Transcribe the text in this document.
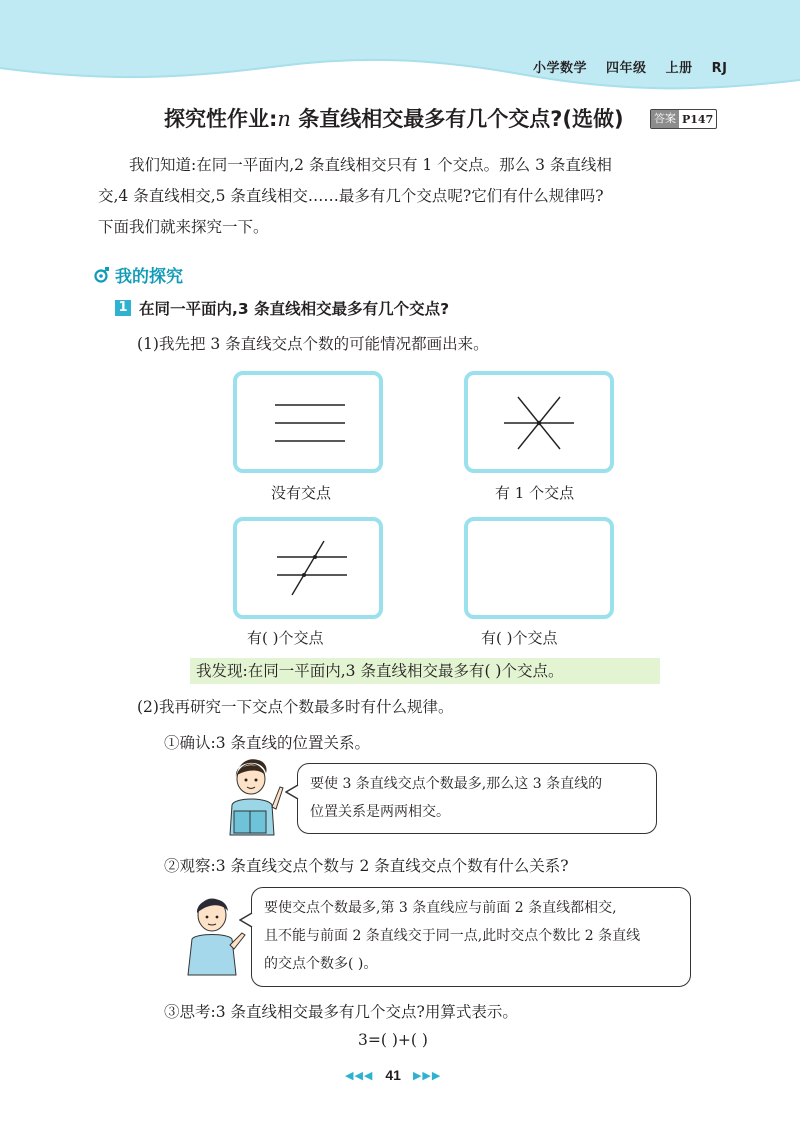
小学数学 四年级 上册 RJ
探究性作业:n 条直线相交最多有几个交点?(选做)	答案 P147
我们知道:在同一平面内,2 条直线相交只有 1 个交点。那么 3 条直线相
交,4 条直线相交,5 条直线相交……最多有几个交点呢?它们有什么规律吗?
下面我们就来探究一下。
我的探究
1 在同一平面内,3 条直线相交最多有几个交点?
(1)我先把 3 条直线交点个数的可能情况都画出来。
没有交点	有 1 个交点
有( )个交点	有( )个交点
我发现:在同一平面内,3 条直线相交最多有( )个交点。
(2)我再研究一下交点个数最多时有什么规律。
①确认:3 条直线的位置关系。
要使 3 条直线交点个数最多,那么这 3 条直线的
位置关系是两两相交。
②观察:3 条直线交点个数与 2 条直线交点个数有什么关系?
要使交点个数最多,第 3 条直线应与前面 2 条直线都相交,
且不能与前面 2 条直线交于同一点,此时交点个数比 2 条直线
的交点个数多( )。
③思考:3 条直线相交最多有几个交点?用算式表示。
3=( )+( )
◀◀◀ 41 ▶▶▶
